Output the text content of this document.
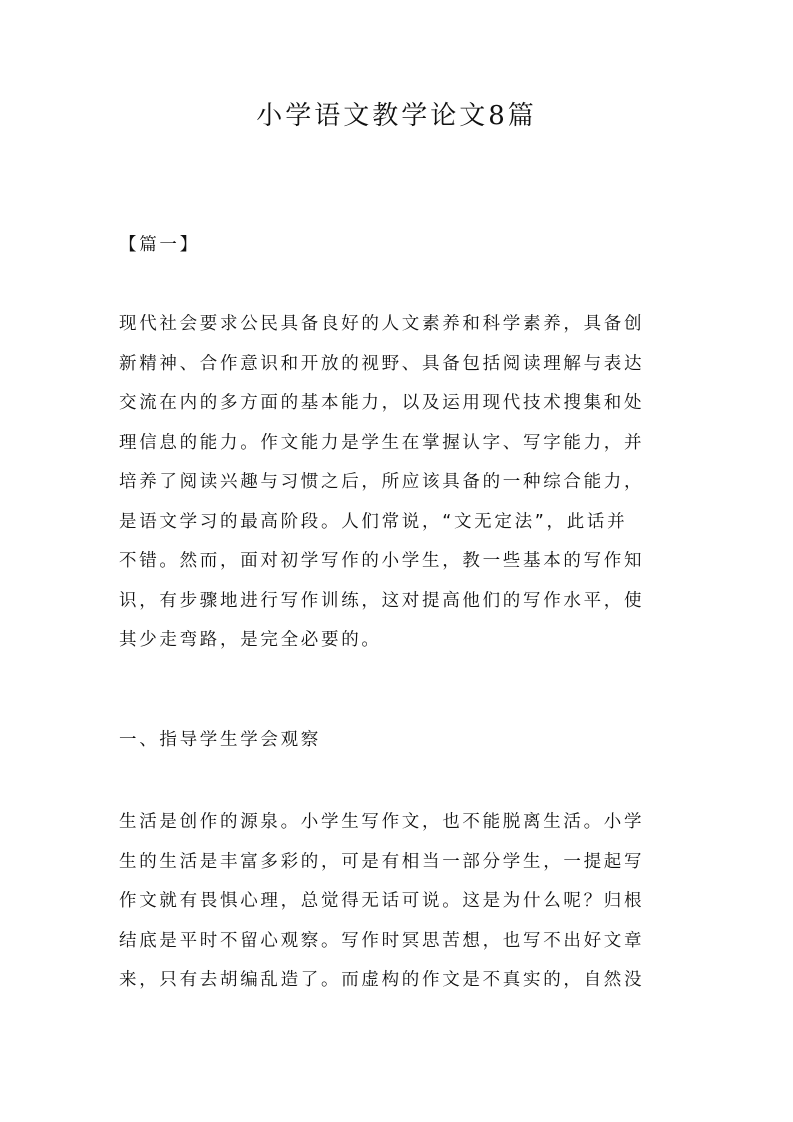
小学语文教学论文8篇

【篇一】

现代社会要求公民具备良好的人文素养和科学素养，具备创
新精神、合作意识和开放的视野、具备包括阅读理解与表达
交流在内的多方面的基本能力，以及运用现代技术搜集和处
理信息的能力。作文能力是学生在掌握认字、写字能力，并
培养了阅读兴趣与习惯之后，所应该具备的一种综合能力，
是语文学习的最高阶段。人们常说，“文无定法”，此话并
不错。然而，面对初学写作的小学生，教一些基本的写作知
识，有步骤地进行写作训练，这对提高他们的写作水平，使
其少走弯路，是完全必要的。

一、指导学生学会观察

生活是创作的源泉。小学生写作文，也不能脱离生活。小学
生的生活是丰富多彩的，可是有相当一部分学生，一提起写
作文就有畏惧心理，总觉得无话可说。这是为什么呢？归根
结底是平时不留心观察。写作时冥思苦想，也写不出好文章
来，只有去胡编乱造了。而虚构的作文是不真实的，自然没
